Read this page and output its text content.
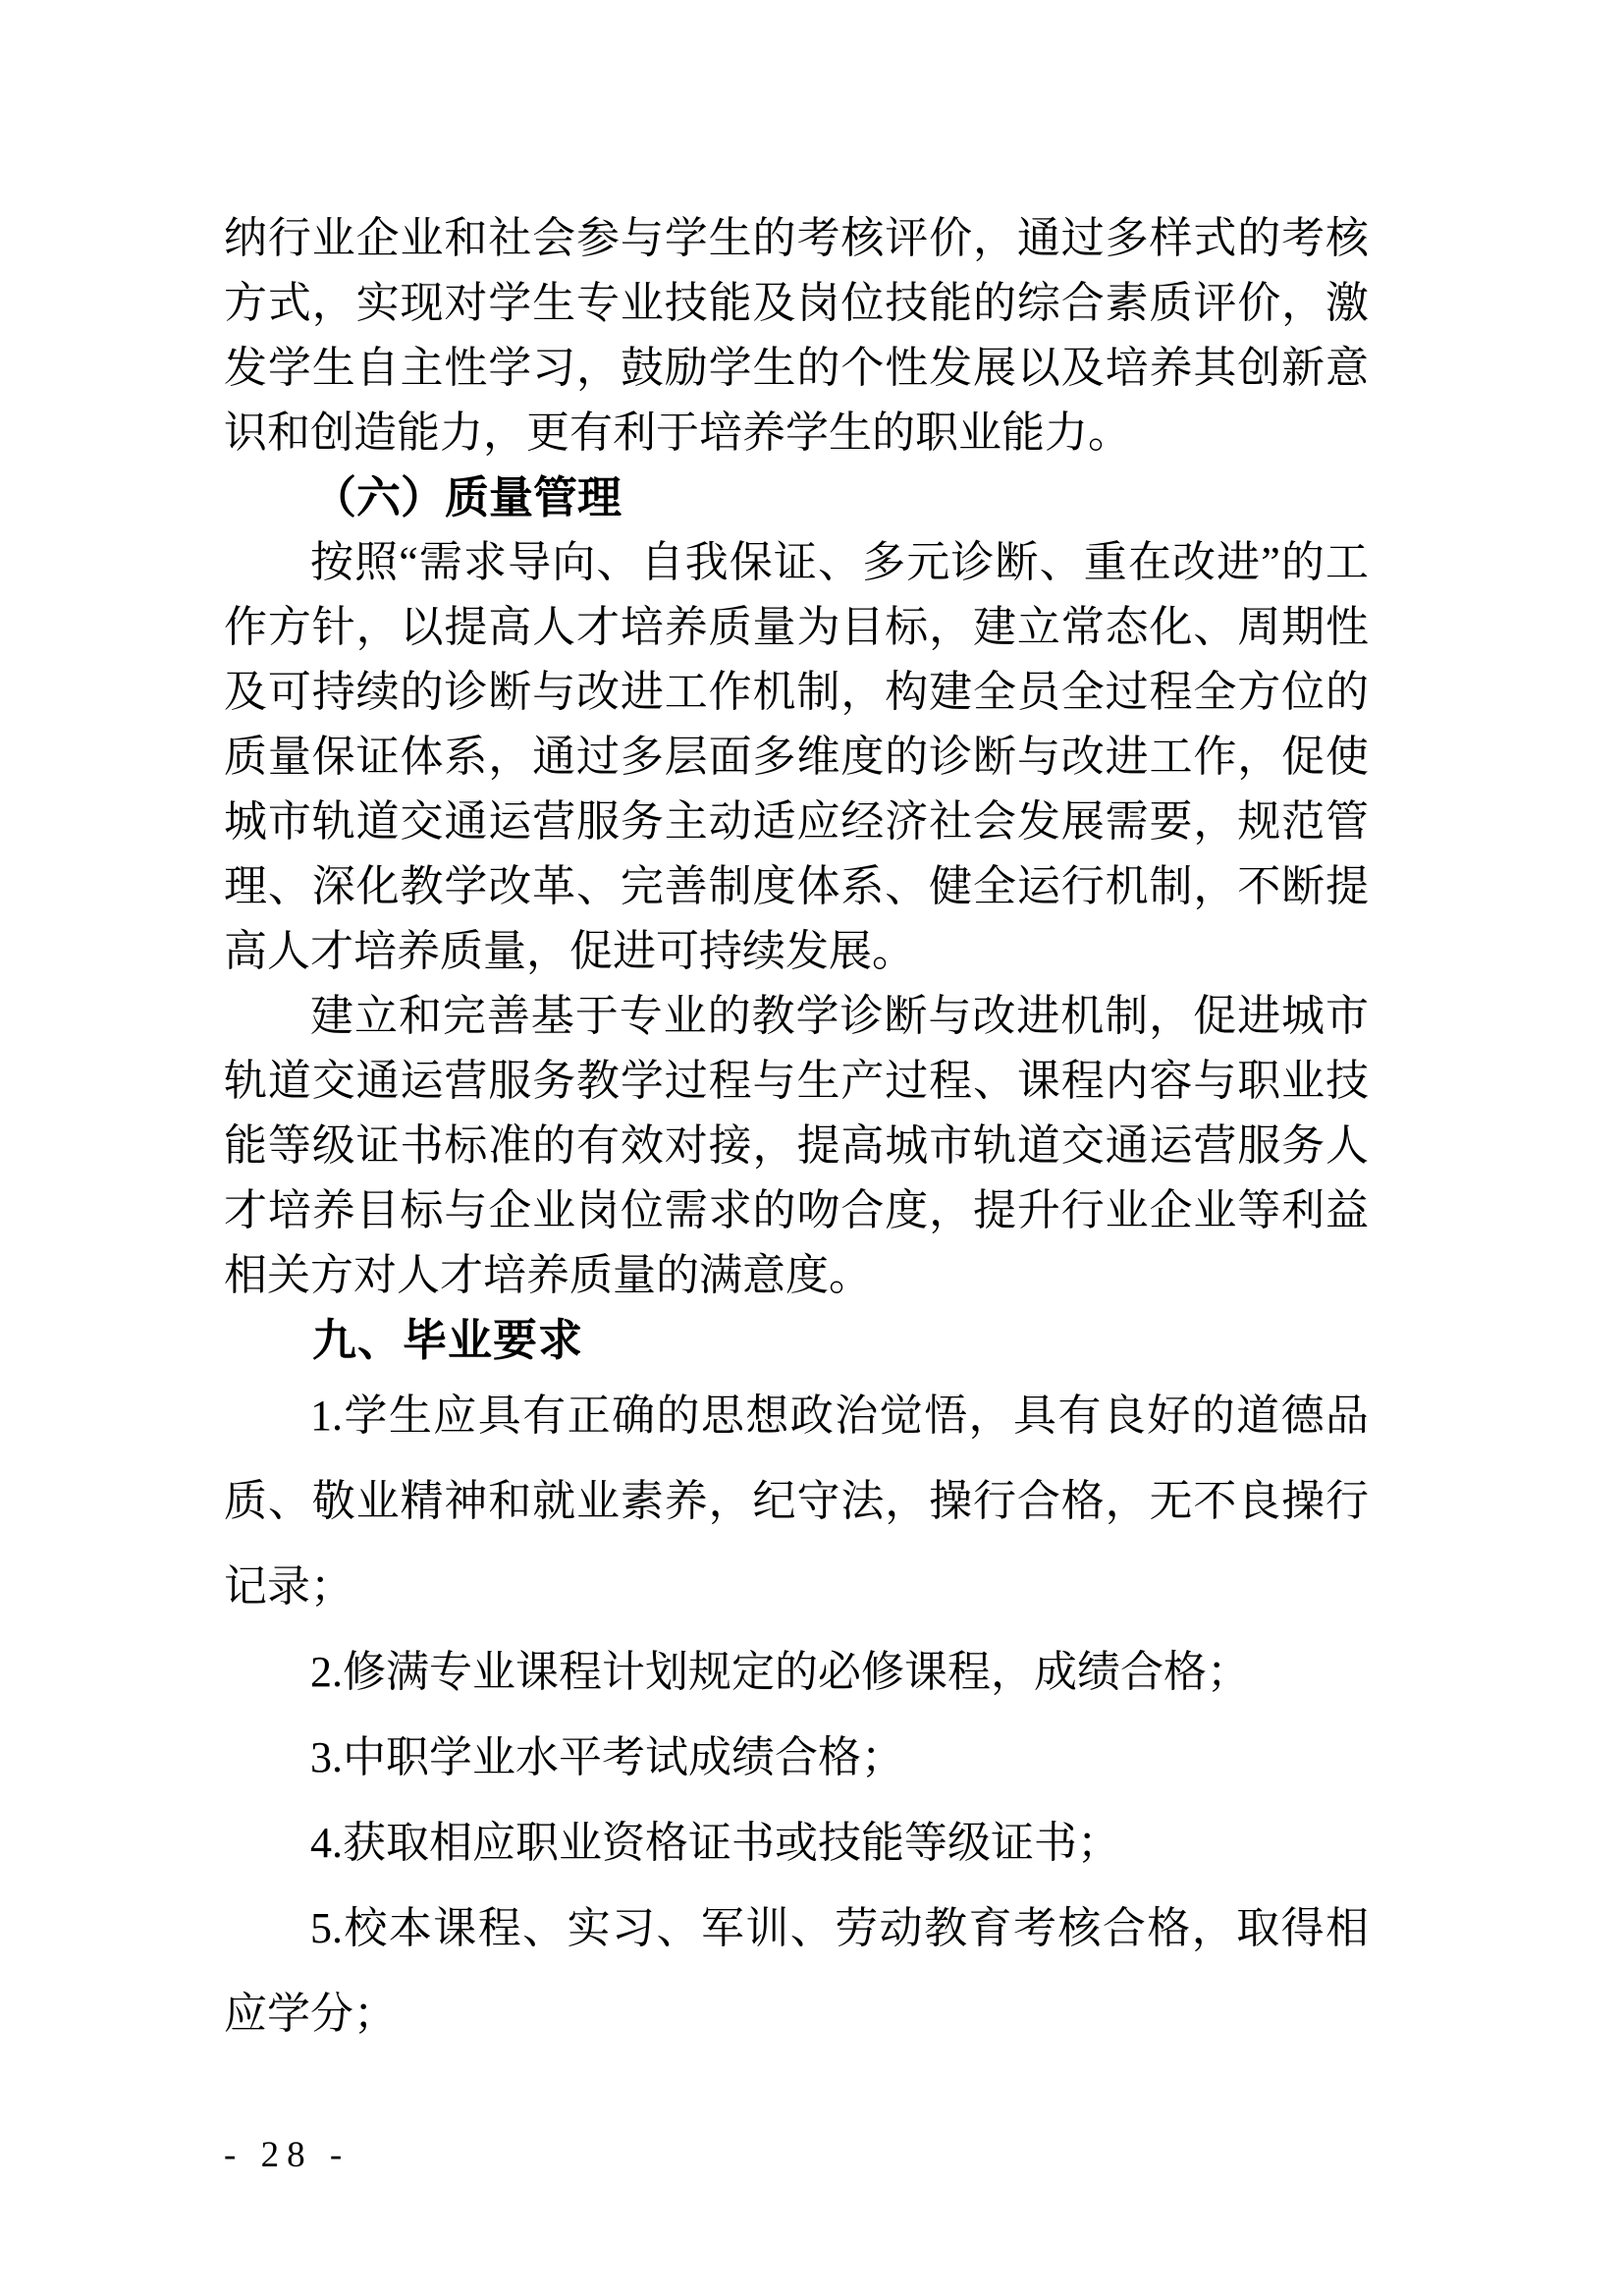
纳行业企业和社会参与学生的考核评价，通过多样式的考核方式，实现对学生专业技能及岗位技能的综合素质评价，激发学生自主性学习，鼓励学生的个性发展以及培养其创新意识和创造能力，更有利于培养学生的职业能力。

（六）质量管理

按照“需求导向、自我保证、多元诊断、重在改进”的工作方针，以提高人才培养质量为目标，建立常态化、周期性及可持续的诊断与改进工作机制，构建全员全过程全方位的质量保证体系，通过多层面多维度的诊断与改进工作，促使城市轨道交通运营服务主动适应经济社会发展需要，规范管理、深化教学改革、完善制度体系、健全运行机制，不断提高人才培养质量，促进可持续发展。

建立和完善基于专业的教学诊断与改进机制，促进城市轨道交通运营服务教学过程与生产过程、课程内容与职业技能等级证书标准的有效对接，提高城市轨道交通运营服务人才培养目标与企业岗位需求的吻合度，提升行业企业等利益相关方对人才培养质量的满意度。

九、毕业要求

1.学生应具有正确的思想政治觉悟，具有良好的道德品质、敬业精神和就业素养，纪守法，操行合格，无不良操行记录；

2.修满专业课程计划规定的必修课程，成绩合格；

3.中职学业水平考试成绩合格；

4.获取相应职业资格证书或技能等级证书；

5.校本课程、实习、军训、劳动教育考核合格，取得相应学分；

- 28 -
